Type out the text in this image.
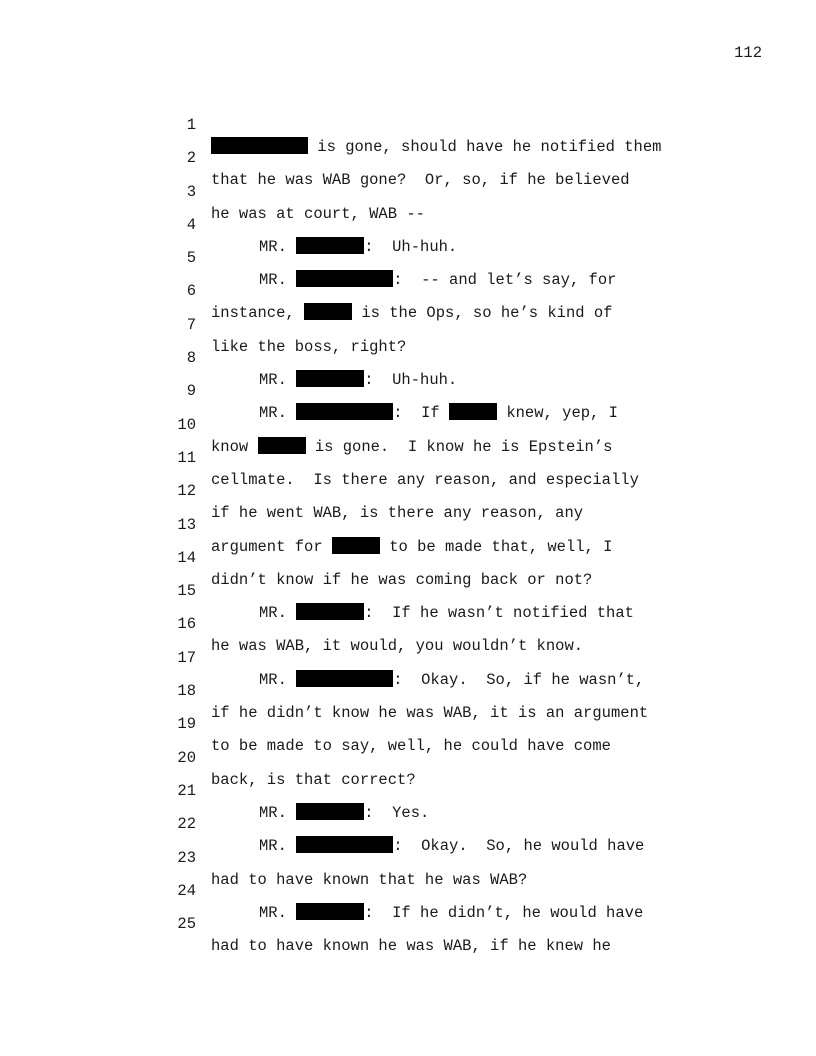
112

1

is gone, should have he notified them

2

that he was WAB gone?  Or, so, if he believed

3

he was at court, WAB --

4

MR.	:  Uh-huh.

5

MR.	:  -- and let’s say, for

6

instance,	is the Ops, so he’s kind of

7

like the boss, right?

8

MR.	:  Uh-huh.

9

MR.	:  If	knew, yep, I

10

know	is gone.  I know he is Epstein’s

11

cellmate.  Is there any reason, and especially

12

if he went WAB, is there any reason, any

13

argument for	to be made that, well, I

14

didn’t know if he was coming back or not?

15

MR.	:  If he wasn’t notified that

16

he was WAB, it would, you wouldn’t know.

17

MR.	:  Okay.  So, if he wasn’t,

18

if he didn’t know he was WAB, it is an argument

19

to be made to say, well, he could have come

20

back, is that correct?

21

MR.	:  Yes.

22

MR.	:  Okay.  So, he would have

23

had to have known that he was WAB?

24

MR.	:  If he didn’t, he would have

25

had to have known he was WAB, if he knew he
